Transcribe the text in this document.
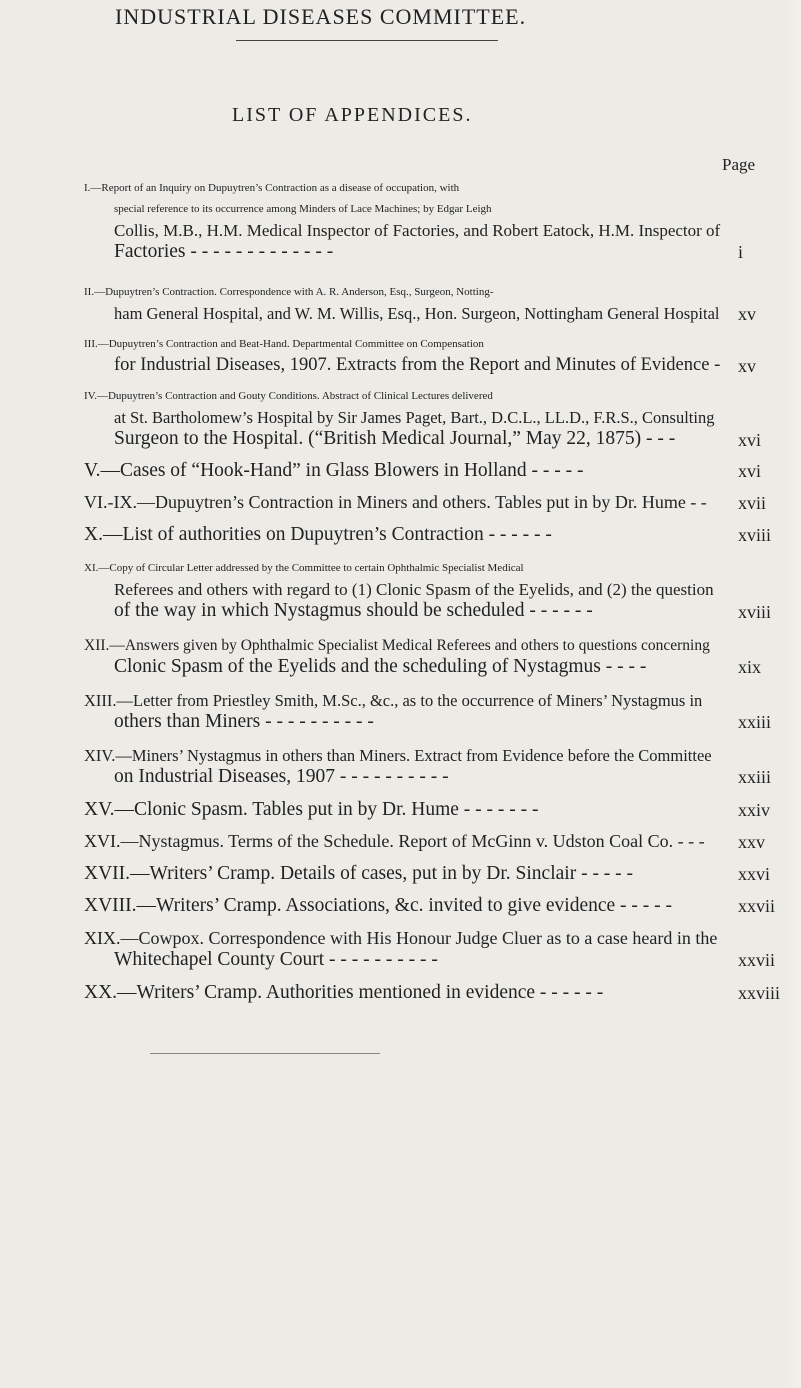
INDUSTRIAL DISEASES COMMITTEE.
LIST OF APPENDICES.
Page
I.—Report of an Inquiry on Dupuytren’s Contraction as a disease of occupation, with
special reference to its occurrence among Minders of Lace Machines; by Edgar Leigh
Collis, M.B., H.M. Medical Inspector of Factories, and Robert Eatock, H.M. Inspector of
Factories - - - - - - - - - - - - -	i
II.—Dupuytren’s Contraction. Correspondence with A. R. Anderson, Esq., Surgeon, Notting-
ham General Hospital, and W. M. Willis, Esq., Hon. Surgeon, Nottingham General Hospital xv
III.—Dupuytren’s Contraction and Beat-Hand. Departmental Committee on Compensation
for Industrial Diseases, 1907. Extracts from the Report and Minutes of Evidence - xv
IV.—Dupuytren’s Contraction and Gouty Conditions. Abstract of Clinical Lectures delivered
at St. Bartholomew’s Hospital by Sir James Paget, Bart., D.C.L., LL.D., F.R.S., Consulting
Surgeon to the Hospital. (“British Medical Journal,” May 22, 1875) - - -	xvi
V.—Cases of “Hook-Hand” in Glass Blowers in Holland - - - - -	xvi
VI.-IX.—Dupuytren’s Contraction in Miners and others. Tables put in by Dr. Hume - - xvii
X.—List of authorities on Dupuytren’s Contraction - - - - - -	xviii
XI.—Copy of Circular Letter addressed by the Committee to certain Ophthalmic Specialist Medical
Referees and others with regard to (1) Clonic Spasm of the Eyelids, and (2) the question
of the way in which Nystagmus should be scheduled - - - - - -	xviii
XII.—Answers given by Ophthalmic Specialist Medical Referees and others to questions concerning
Clonic Spasm of the Eyelids and the scheduling of Nystagmus - - - -	xix
XIII.—Letter from Priestley Smith, M.Sc., &c., as to the occurrence of Miners’ Nystagmus in
others than Miners - - - - - - - - - -	xxiii
XIV.—Miners’ Nystagmus in others than Miners. Extract from Evidence before the Committee
on Industrial Diseases, 1907 - - - - - - - - - -	xxiii
XV.—Clonic Spasm. Tables put in by Dr. Hume - - - - - - -	xxiv
XVI.—Nystagmus. Terms of the Schedule. Report of McGinn v. Udston Coal Co. - - - xxv
XVII.—Writers’ Cramp. Details of cases, put in by Dr. Sinclair - - - - -	xxvi
XVIII.—Writers’ Cramp. Associations, &c. invited to give evidence - - - - -	xxvii
XIX.—Cowpox. Correspondence with His Honour Judge Cluer as to a case heard in the
Whitechapel County Court - - - - - - - - - -	xxvii
XX.—Writers’ Cramp. Authorities mentioned in evidence - - - - - -	xxviii
